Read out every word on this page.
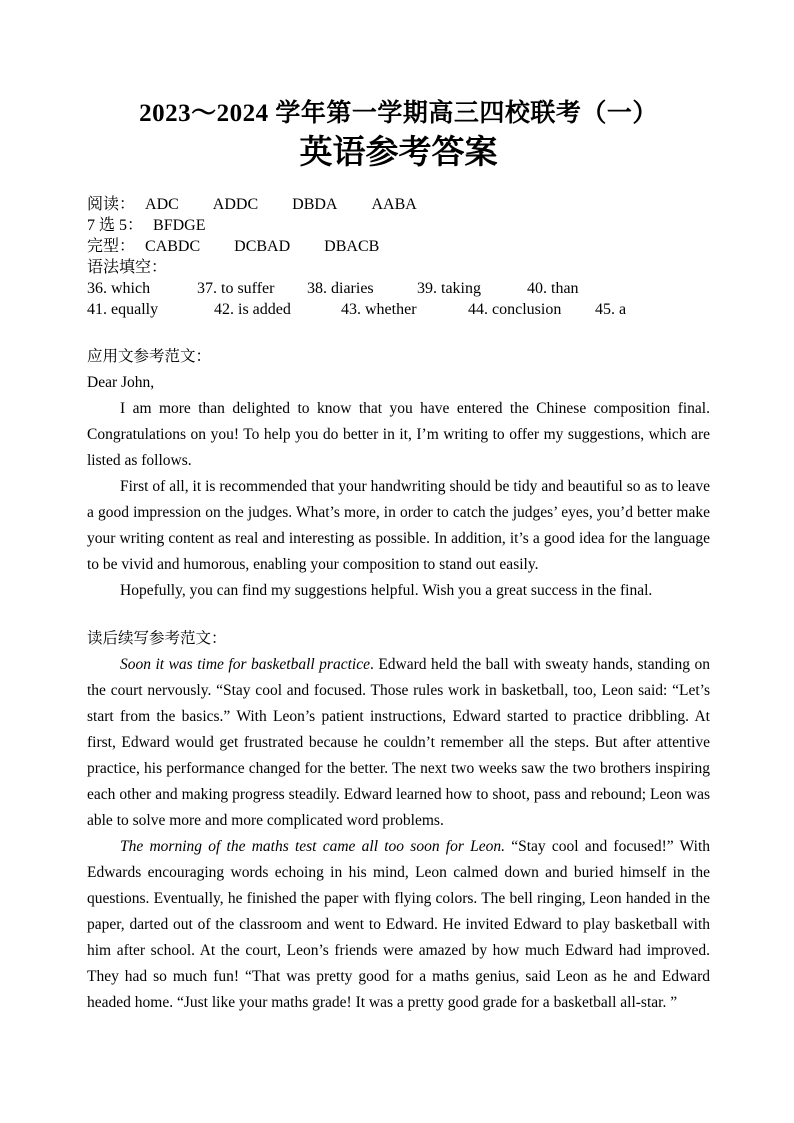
2023～2024 学年第一学期高三四校联考（一）
英语参考答案
阅读： ADC ADDC DBDA AABA
7 选 5： BFDGE
完型： CABDC DCBAD DBACB
语法填空：
36. which	37. to suffer 38. diaries	39. taking	40. than
41. equally	42. is added	43. whether	44. conclusion 45. a

应用文参考范文：

Dear John,

I am more than delighted to know that you have entered the Chinese composition final. Congratulations on you! To help you do better in it, I’m writing to offer my suggestions, which are listed as follows.

First of all, it is recommended that your handwriting should be tidy and beautiful so as to leave a good impression on the judges. What’s more, in order to catch the judges’ eyes, you’d better make your writing content as real and interesting as possible. In addition, it’s a good idea for the language to be vivid and humorous, enabling your composition to stand out easily.

Hopefully, you can find my suggestions helpful. Wish you a great success in the final.

读后续写参考范文：

Soon it was time for basketball practice. Edward held the ball with sweaty hands, standing on the court nervously. “Stay cool and focused. Those rules work in basketball, too, Leon said: “Let’s start from the basics.” With Leon’s patient instructions, Edward started to practice dribbling. At first, Edward would get frustrated because he couldn’t remember all the steps. But after attentive practice, his performance changed for the better. The next two weeks saw the two brothers inspiring each other and making progress steadily. Edward learned how to shoot, pass and rebound; Leon was able to solve more and more complicated word problems.

The morning of the maths test came all too soon for Leon. “Stay cool and focused!” With Edwards encouraging words echoing in his mind, Leon calmed down and buried himself in the questions. Eventually, he finished the paper with flying colors. The bell ringing, Leon handed in the paper, darted out of the classroom and went to Edward. He invited Edward to play basketball with him after school. At the court, Leon’s friends were amazed by how much Edward had improved. They had so much fun! “That was pretty good for a maths genius, said Leon as he and Edward headed home. “Just like your maths grade! It was a pretty good grade for a basketball all-star. ”
